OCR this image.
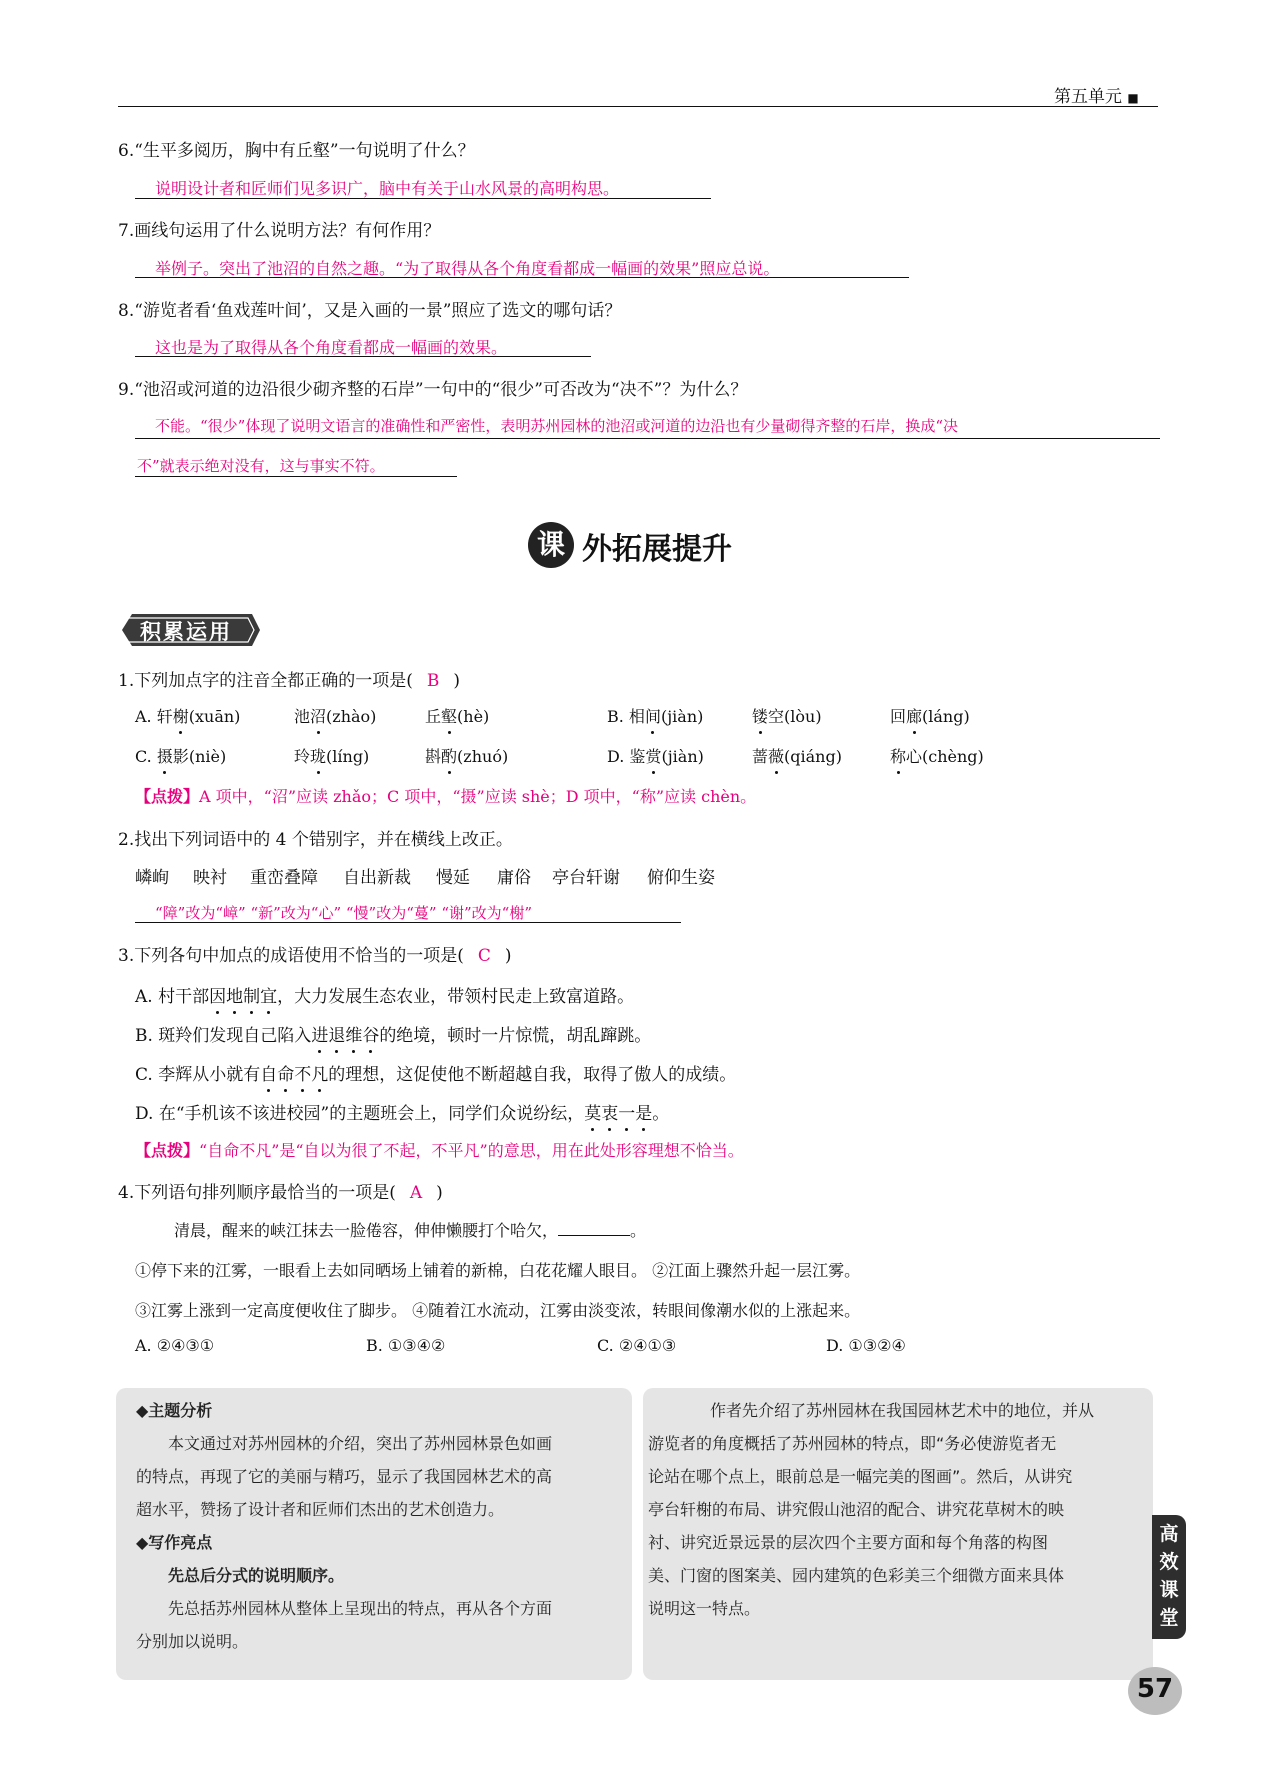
第五单元 ■
6.“生平多阅历，胸中有丘壑”一句说明了什么？
说明设计者和匠师们见多识广，脑中有关于山水风景的高明构思。
7.画线句运用了什么说明方法？有何作用？
举例子。突出了池沼的自然之趣。“为了取得从各个角度看都成一幅画的效果”照应总说。
8.“游览者看‘鱼戏莲叶间’，又是入画的一景”照应了选文的哪句话？
这也是为了取得从各个角度看都成一幅画的效果。
9.“池沼或河道的边沿很少砌齐整的石岸”一句中的“很少”可否改为“决不”？为什么？
不能。“很少”体现了说明文语言的准确性和严密性，表明苏州园林的池沼或河道的边沿也有少量砌得齐整的石岸，换成“决
不”就表示绝对没有，这与事实不符。
课 外拓展提升
积累运用
1.下列加点字的注音全都正确的一项是( B )
A. 轩榭(xuān)	池沼(zhào)	丘壑(hè)	B. 相间(jiàn)	镂空(lòu)	回廊(láng)
C. 摄影(niè)	玲珑(líng)	斟酌(zhuó)	D. 鉴赏(jiàn)	蔷薇(qiáng)	称心(chèng)
【点拨】A 项中，“沼”应读 zhǎo；C 项中，“摄”应读 shè；D 项中，“称”应读 chèn。
2.找出下列词语中的 4 个错别字，并在横线上改正。
嶙峋 映衬 重峦叠障 自出新裁 慢延 庸俗 亭台轩谢 俯仰生姿
“障”改为“嶂” “新”改为“心” “慢”改为“蔓” “谢”改为“榭”
3.下列各句中加点的成语使用不恰当的一项是( C )
A. 村干部因地制宜，大力发展生态农业，带领村民走上致富道路。
B. 斑羚们发现自己陷入进退维谷的绝境，顿时一片惊慌，胡乱蹿跳。
C. 李辉从小就有自命不凡的理想，这促使他不断超越自我，取得了傲人的成绩。
D. 在“手机该不该进校园”的主题班会上，同学们众说纷纭，莫衷一是。
【点拨】“自命不凡”是“自以为很了不起，不平凡”的意思，用在此处形容理想不恰当。
4.下列语句排列顺序最恰当的一项是( A )
清晨，醒来的峡江抹去一脸倦容，伸伸懒腰打个哈欠，	。
①停下来的江雾，一眼看上去如同晒场上铺着的新棉，白花花耀人眼目。 ②江面上骤然升起一层江雾。
③江雾上涨到一定高度便收住了脚步。 ④随着江水流动，江雾由淡变浓，转眼间像潮水似的上涨起来。
A. ②④③①	B. ①③④②	C. ②④①③	D. ①③②④
◆主题分析
本文通过对苏州园林的介绍，突出了苏州园林景色如画
的特点，再现了它的美丽与精巧，显示了我国园林艺术的高
超水平，赞扬了设计者和匠师们杰出的艺术创造力。
◆写作亮点
先总后分式的说明顺序。
先总括苏州园林从整体上呈现出的特点，再从各个方面
分别加以说明。
作者先介绍了苏州园林在我国园林艺术中的地位，并从
游览者的角度概括了苏州园林的特点，即“务必使游览者无
论站在哪个点上，眼前总是一幅完美的图画”。然后，从讲究
亭台轩榭的布局、讲究假山池沼的配合、讲究花草树木的映
衬、讲究近景远景的层次四个主要方面和每个角落的构图
美、门窗的图案美、园内建筑的色彩美三个细微方面来具体
说明这一特点。
高
效
课
堂
57
